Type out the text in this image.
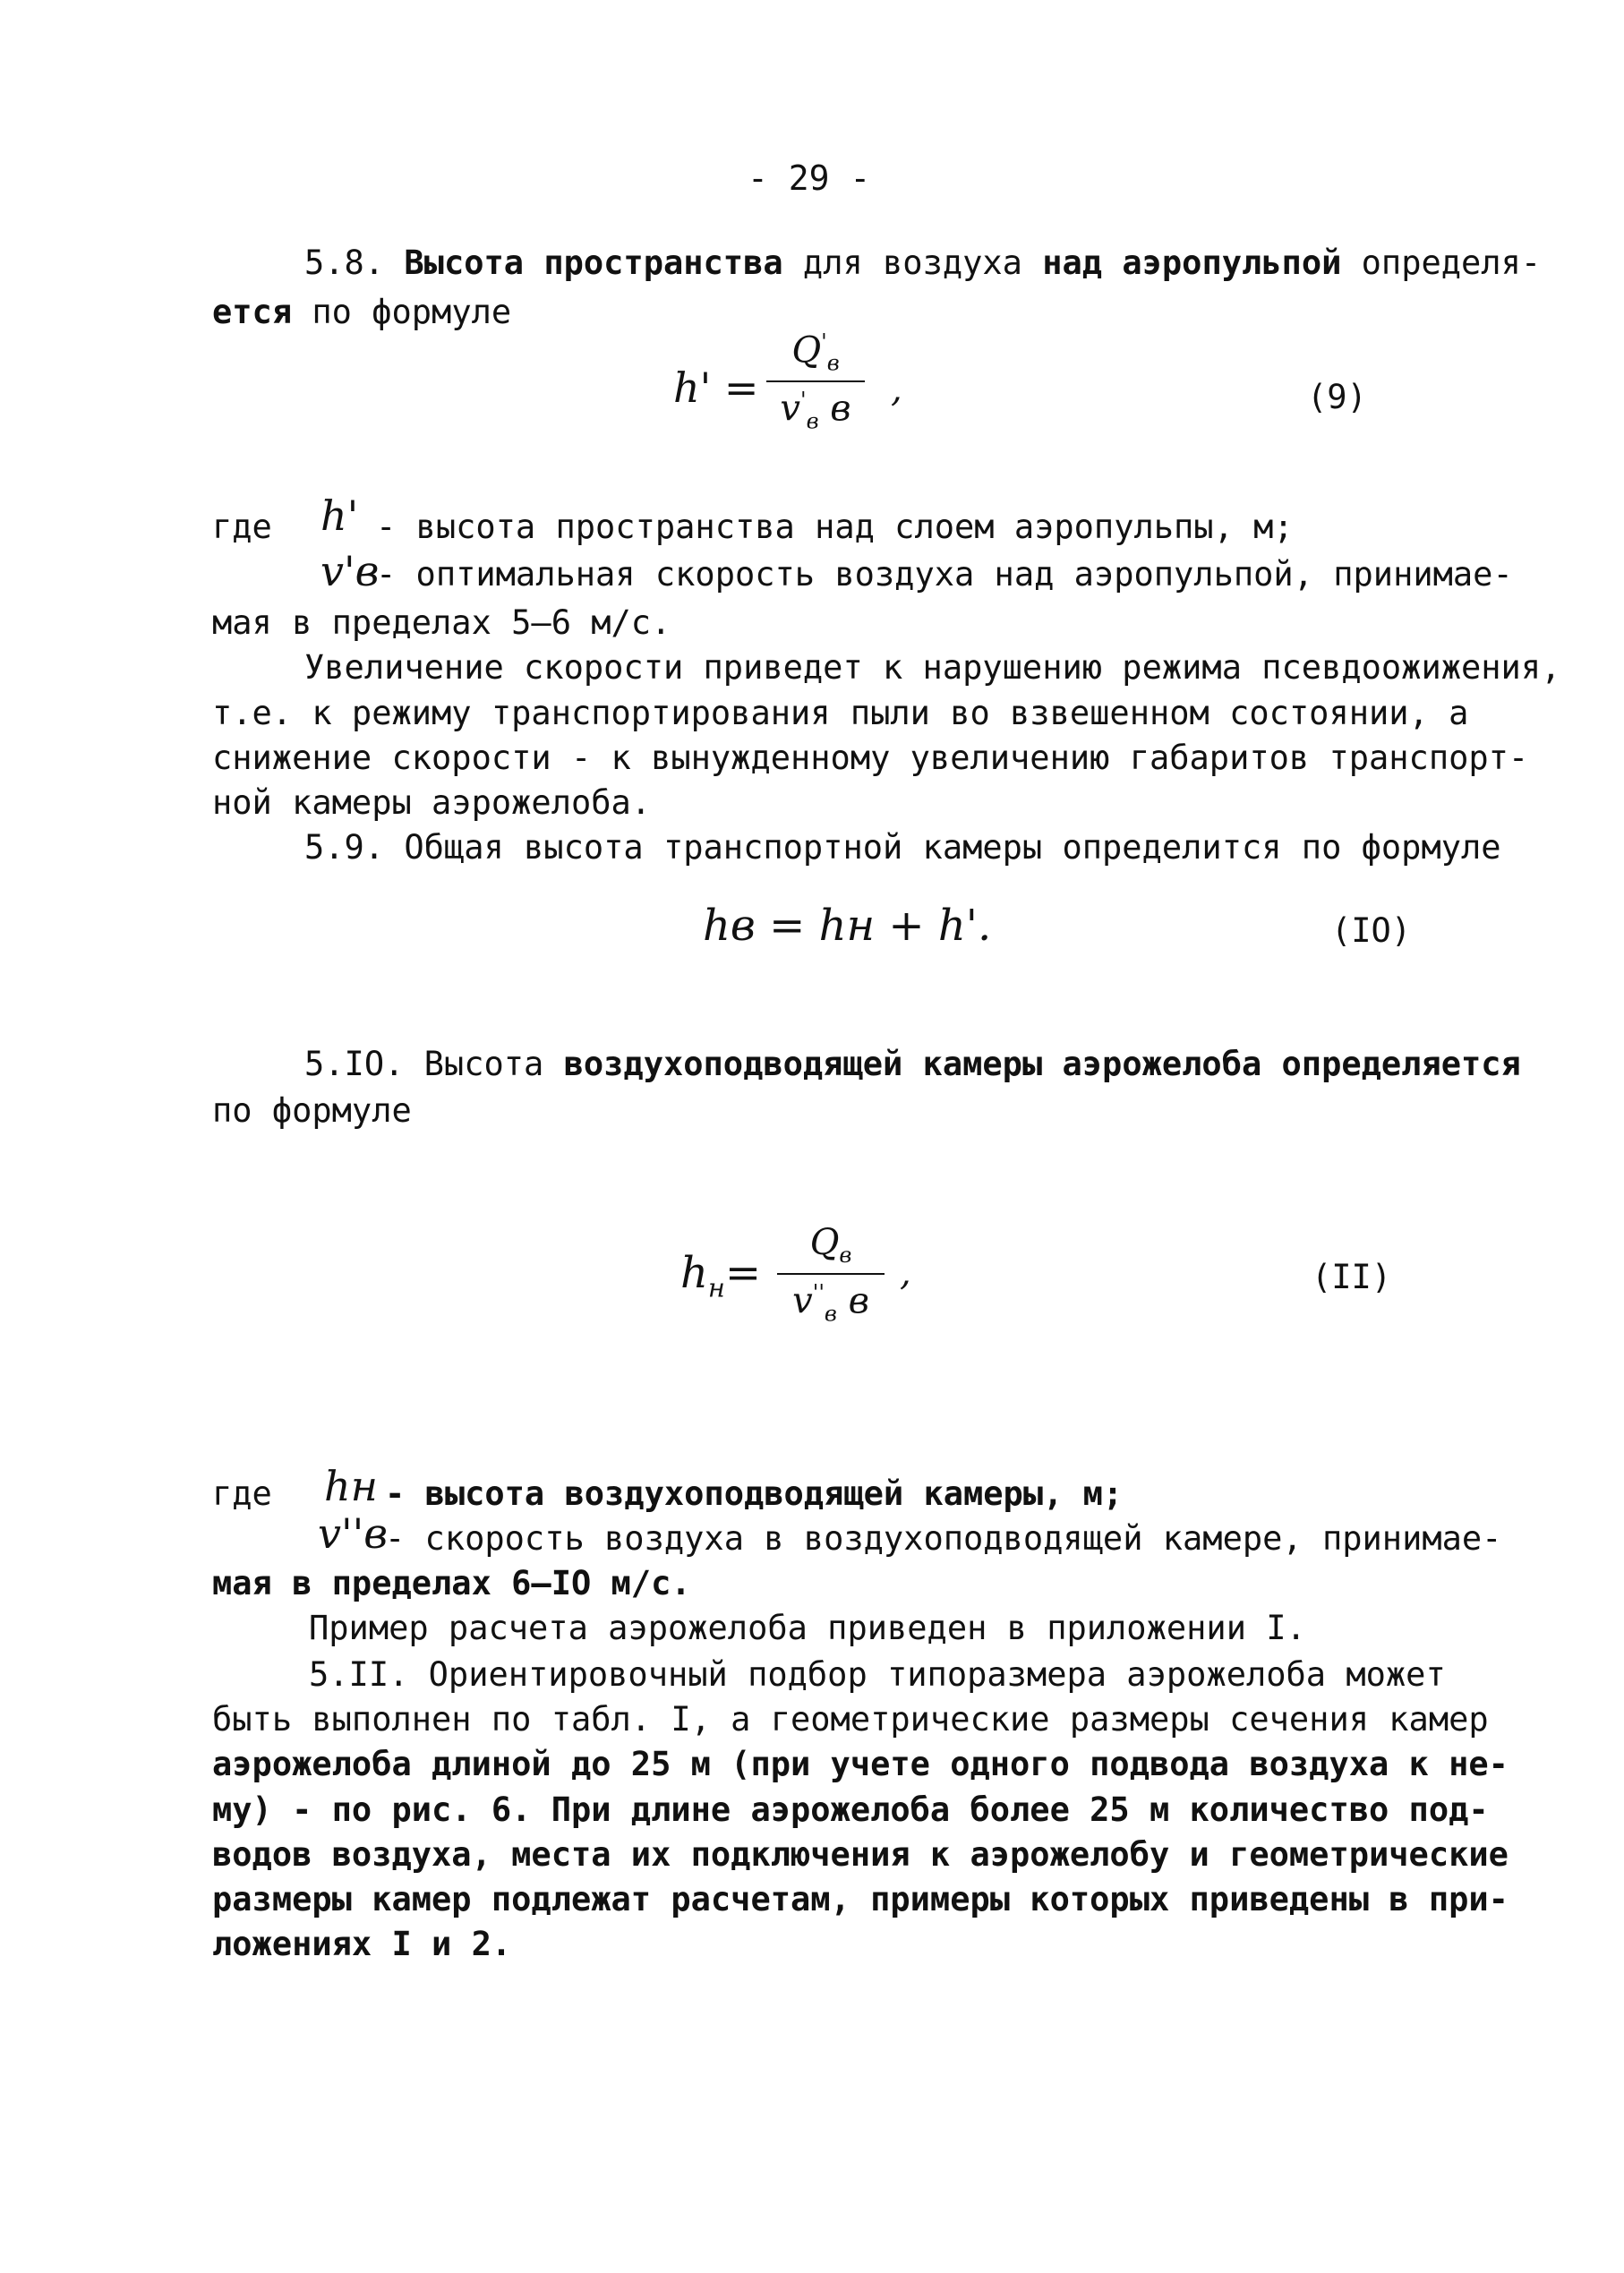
- 29 -
5.8. Высота пространства для воздуха над аэропульпой определя-
ется по формуле
h' =
$Q'_в$
$v'_в$ в	,	(9)
где h' - высота пространства над слоем аэропульпы, м;
v'в
- оптимальная скорость воздуха над аэропульпой, принимае-
мая в пределах 5–6 м/с.
Увеличение скорости приведет к нарушению режима псевдоожижения,
т.е. к режиму транспортирования пыли во взвешенном состоянии, а
снижение скорости - к вынужденному увеличению габаритов транспорт-
ной камеры аэрожелоба.
5.9. Общая высота транспортной камеры определится по формуле
hв = hн + h'.	(IO)
5.IO. Высота воздухоподводящей камеры аэрожелоба определяется
по формуле
$h_н=$
$Q_в$
$v''_в$ в
,	(II)
где hн - высота воздухоподводящей камеры, м;
v''в
- скорость воздуха в воздухоподводящей камере, принимае-
мая в пределах 6–IO м/с.
Пример расчета аэрожелоба приведен в приложении I.
5.II. Ориентировочный подбор типоразмера аэрожелоба может
быть выполнен по табл. I, а геометрические размеры сечения камер
аэрожелоба длиной до 25 м (при учете одного подвода воздуха к не-
му) - по рис. 6. При длине аэрожелоба более 25 м количество под-
водов воздуха, места их подключения к аэрожелобу и геометрические
размеры камер подлежат расчетам, примеры которых приведены в при-
ложениях I и 2.
